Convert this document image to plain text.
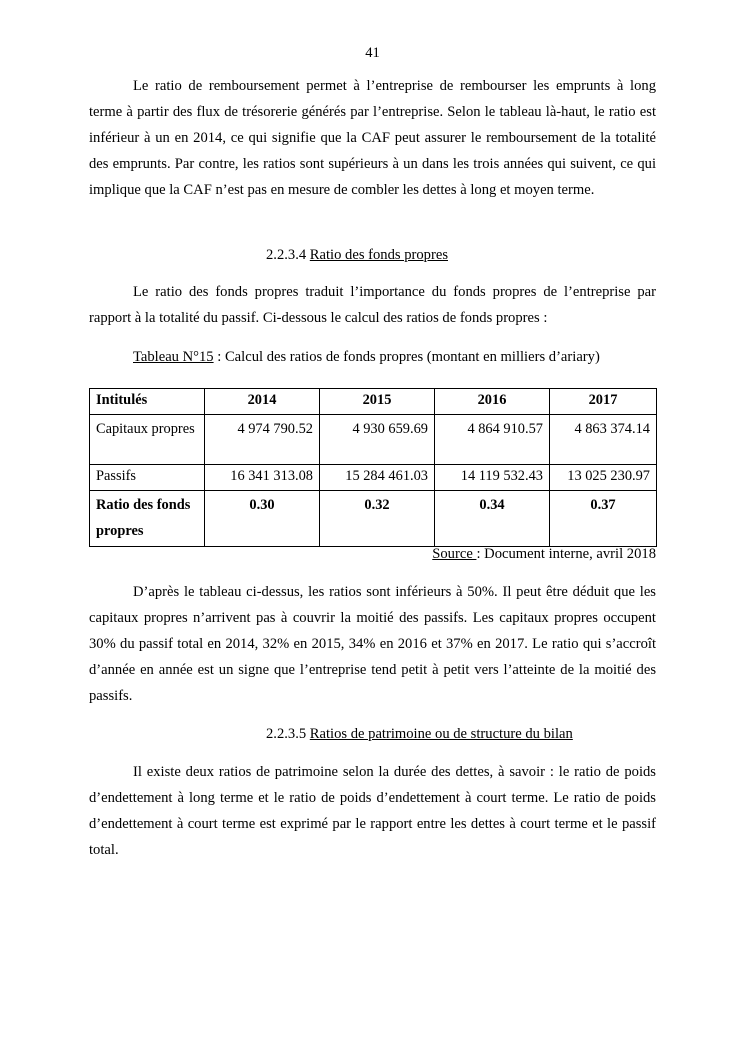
41

Le ratio de remboursement permet à l’entreprise de rembourser les emprunts à long terme à partir des flux de trésorerie générés par l’entreprise. Selon le tableau là-haut, le ratio est inférieur à un en 2014, ce qui signifie que la CAF peut assurer le remboursement de la totalité des emprunts. Par contre, les ratios sont supérieurs à un dans les trois années qui suivent, ce qui implique que la CAF n’est pas en mesure de combler les dettes à long et moyen terme.

2.2.3.4 Ratio des fonds propres

Le ratio des fonds propres traduit l’importance du fonds propres de l’entreprise par rapport à la totalité du passif. Ci-dessous le calcul des ratios de fonds propres :

Tableau N°15 : Calcul des ratios de fonds propres (montant en milliers d’ariary)
Intitulés	2014	2015	2016	2017
Capitaux propres	4 974 790.52	4 930 659.69	4 864 910.57	4 863 374.14
Passifs	16 341 313.08	15 284 461.03	14 119 532.43	13 025 230.97
Ratio des fonds propres	0.30	0.32	0.34	0.37
Source : Document interne, avril 2018

D’après le tableau ci-dessus, les ratios sont inférieurs à 50%. Il peut être déduit que les capitaux propres n’arrivent pas à couvrir la moitié des passifs. Les capitaux propres occupent 30% du passif total en 2014, 32% en 2015, 34% en 2016 et 37% en 2017. Le ratio qui s’accroît d’année en année est un signe que l’entreprise tend petit à petit vers l’atteinte de la moitié des passifs.

2.2.3.5 Ratios de patrimoine ou de structure du bilan

Il existe deux ratios de patrimoine selon la durée des dettes, à savoir : le ratio de poids d’endettement à long terme et le ratio de poids d’endettement à court terme. Le ratio de poids d’endettement à court terme est exprimé par le rapport entre les dettes à court terme et le passif total.
